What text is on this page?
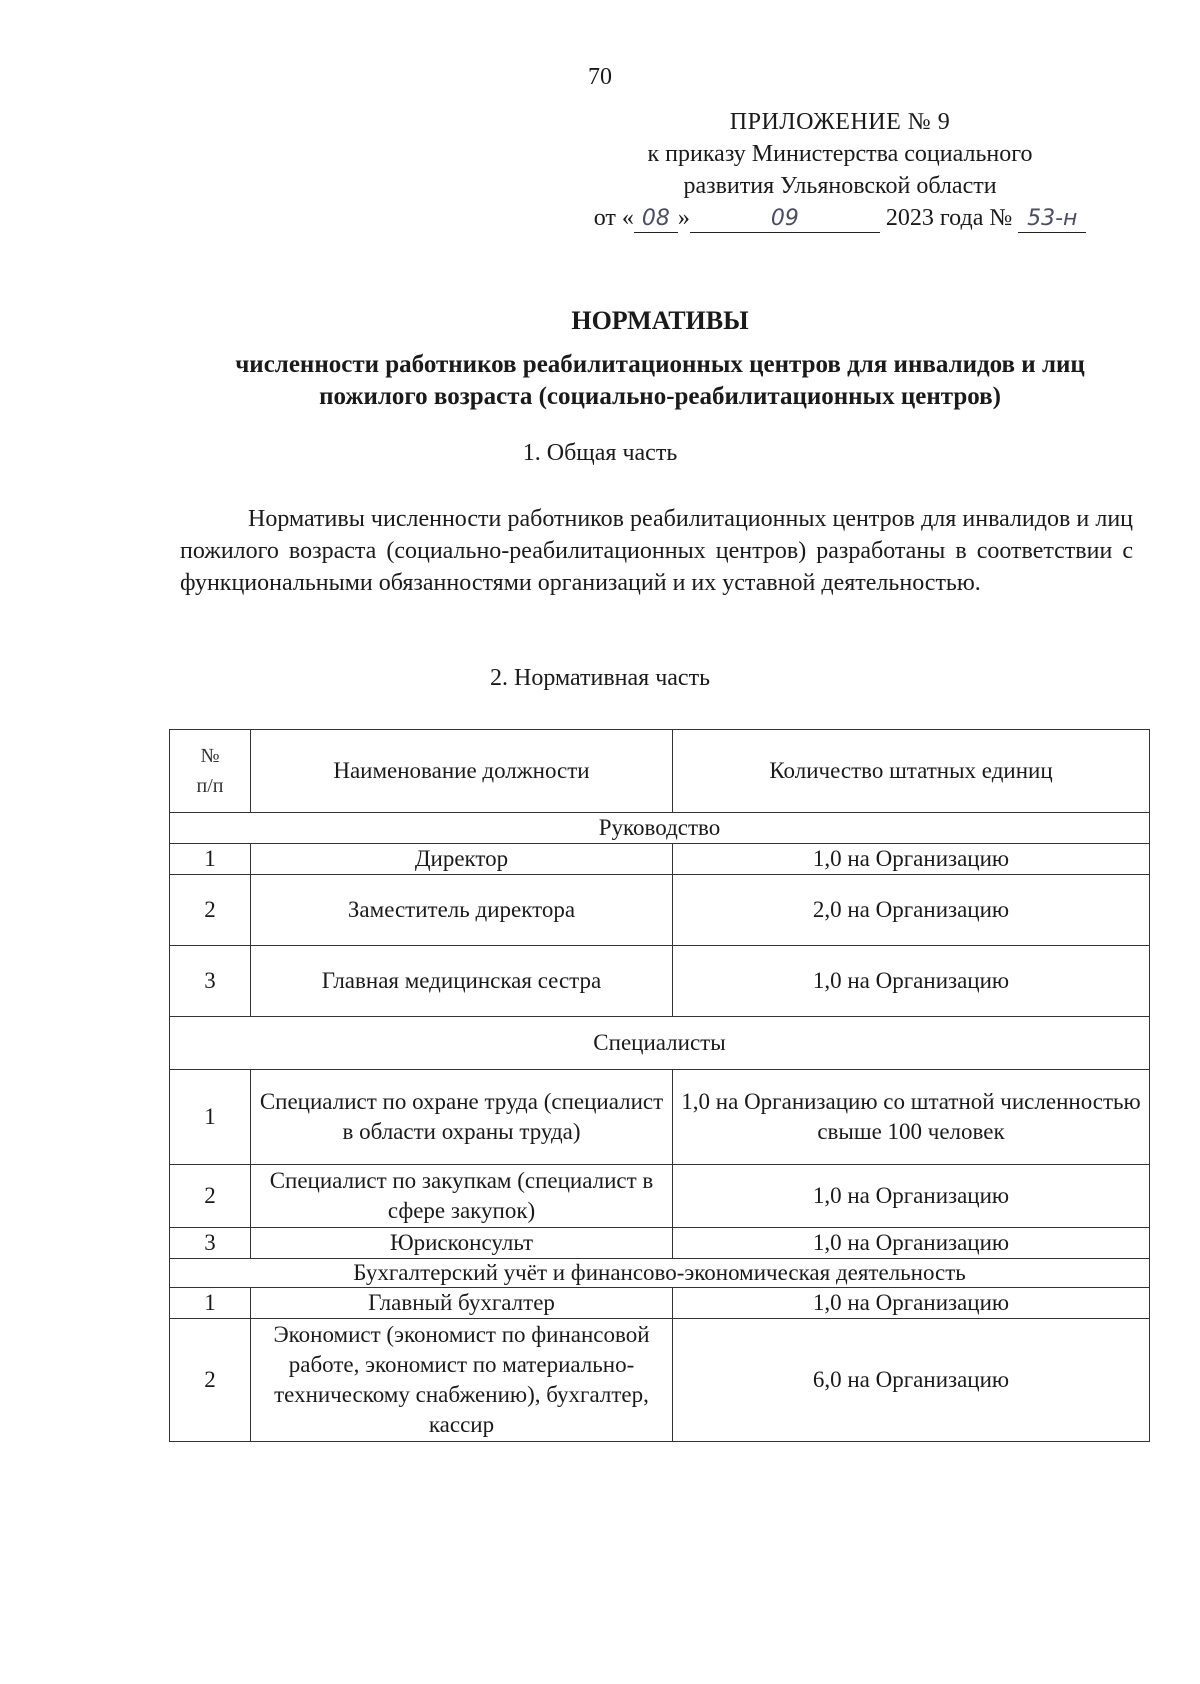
70
ПРИЛОЖЕНИЕ № 9
к приказу Министерства социального
развития Ульяновской области
от « 08 »	09	2023 года № 53-н
НОРМАТИВЫ
численности работников реабилитационных центров для инвалидов и лиц пожилого возраста (социально-реабилитационных центров)
1. Общая часть
Нормативы численности работников реабилитационных центров для инвалидов и лиц пожилого возраста (социально-реабилитационных центров) разработаны в соответствии с функциональными обязанностями организаций и их уставной деятельностью.
2. Нормативная часть
№
п/п	Наименование должности	Количество штатных единиц
Руководство		
1	Директор	1,0 на Организацию
2	Заместитель директора	2,0 на Организацию
3	Главная медицинская сестра	1,0 на Организацию
Специалисты		
1	Специалист по охране труда (специалист в области охраны труда)	1,0 на Организацию со штатной численностью свыше 100 человек
2	Специалист по закупкам (специалист в сфере закупок)	1,0 на Организацию
3	Юрисконсульт	1,0 на Организацию
Бухгалтерский учёт и финансово-экономическая деятельность		
1	Главный бухгалтер	1,0 на Организацию
2	Экономист (экономист по финансовой работе, экономист по материально-техническому снабжению), бухгалтер, кассир	6,0 на Организацию
